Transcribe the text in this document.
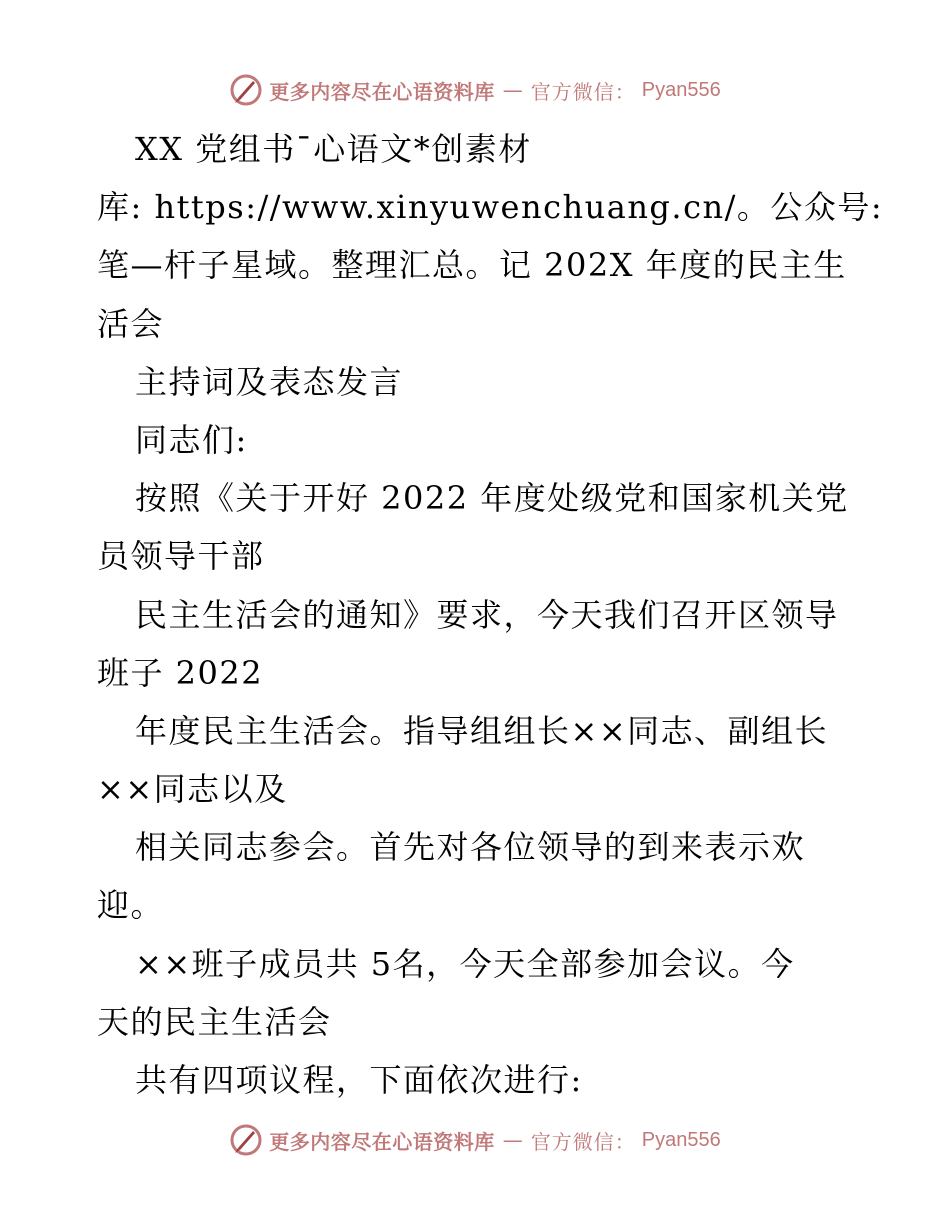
更多内容尽在心语资料库 — 官方微信： Pyan556
XX 党组书¯心语文*创素材
库: https://www.xinyuwenchuang.cn/。公众号:
笔—杆子星域。整理汇总。记 202X 年度的民主生
活会
主持词及表态发言
同志们:
按照《关于开好 2022 年度处级党和国家机关党
员领导干部
民主生活会的通知》要求，今天我们召开区领导
班子 2022
年度民主生活会。指导组组长××同志、副组长
××同志以及
相关同志参会。首先对各位领导的到来表示欢
迎。
××班子成员共 5名，今天全部参加会议。今
天的民主生活会
共有四项议程，下面依次进行:
更多内容尽在心语资料库 — 官方微信： Pyan556
